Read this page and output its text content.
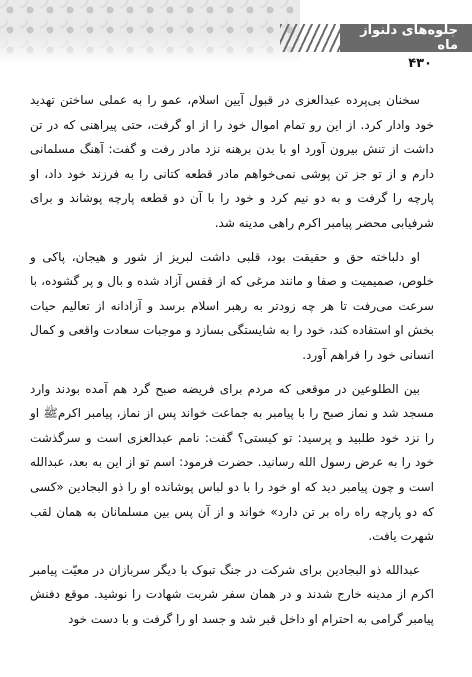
جلوه‌های دلنواز ماه
۴۳۰

سخنان بی‌پرده عبدالعزی در قبول آیین اسلام، عمو را به عملی ساختن تهدید خود وادار کرد. از این رو تمام اموال خود را از او گرفت، حتی پیراهنی که در تن داشت از تنش بیرون آورد او با بدن برهنه نزد مادر رفت و گفت: آهنگ مسلمانی دارم و از تو جز تن پوشی نمی‌خواهم مادر قطعه کتانی را به فرزند خود داد، او پارچه را گرفت و به دو نیم کرد و خود را با آن دو قطعه پارچه پوشاند و برای شرفیابی محضر پیامبر اکرم راهی مدینه شد.

او دلباخته حق و حقیقت بود، قلبی داشت لبریز از شور و هیجان، پاکی و خلوص، صمیمیت و صفا و مانند مرغی که از قفس آزاد شده و بال و پر گشوده، با سرعت می‌رفت تا هر چه زودتر به رهبر اسلام برسد و آزادانه از تعالیم حیات بخش او استفاده کند، خود را به شایستگی بسازد و موجبات سعادت واقعی و کمال انسانی خود را فراهم آورد.

بین الطلوعین در موقعی که مردم برای فریضه صبح گرد هم آمده بودند وارد مسجد شد و نماز صبح را با پیامبر به جماعت خواند پس از نماز، پیامبر اکرمﷺ او را نزد خود طلبید و پرسید: تو کیستی؟ گفت: نامم عبدالعزی است و سرگذشت خود را به عرض رسول الله رسانید. حضرت فرمود: اسم تو از این به بعد، عبدالله است و چون پیامبر دید که او خود را با دو لباس پوشانده او را ذو البجادین «کسی که دو پارچه راه راه بر تن دارد» خواند و از آن پس بین مسلمانان به همان لقب شهرت یافت.

عبدالله ذو البجادین برای شرکت در جنگ تبوک با دیگر سربازان در معیّت پیامبر اکرم از مدینه خارج شدند و در همان سفر شربت شهادت را نوشید. موقع دفنش پیامبر گرامی به احترام او داخل قبر شد و جسد او را گرفت و با دست خود
